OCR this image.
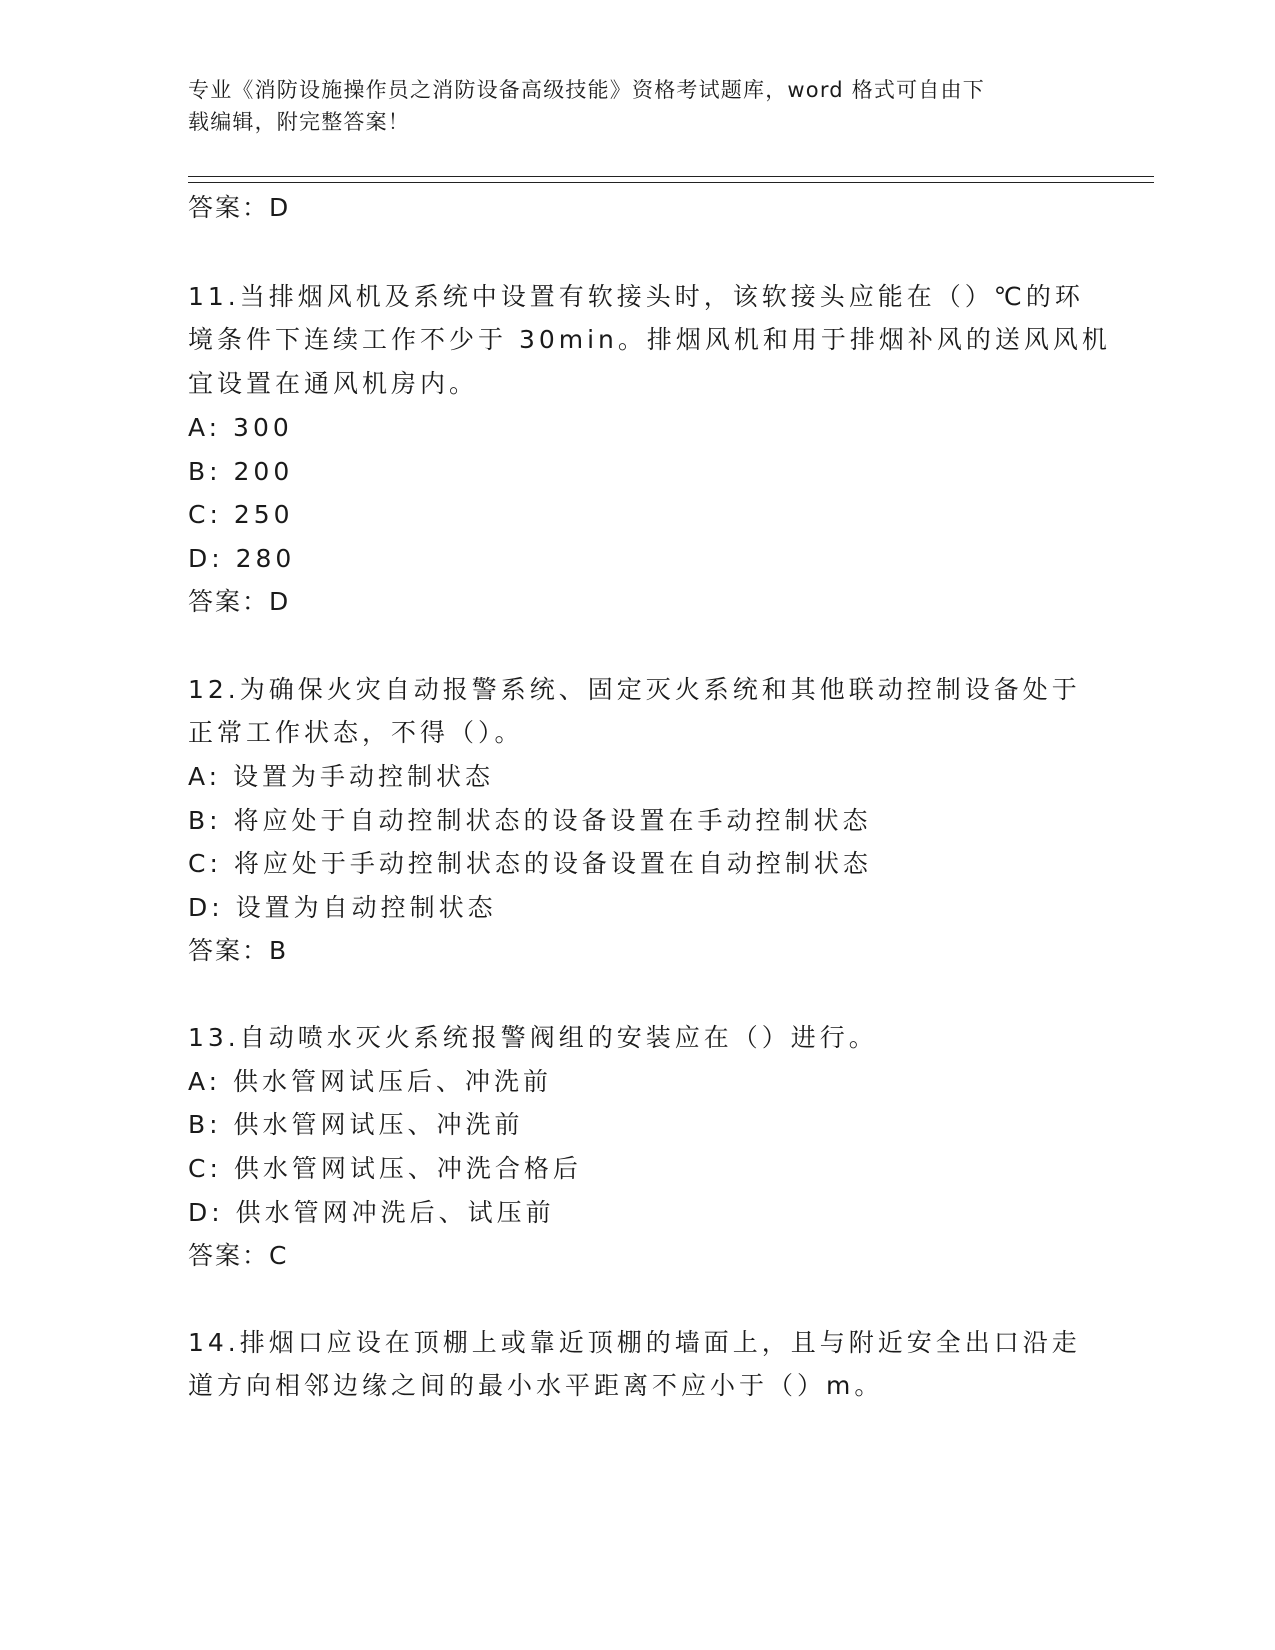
专业《消防设施操作员之消防设备高级技能》资格考试题库，word 格式可自由下
载编辑，附完整答案！
答案：D
11.当排烟风机及系统中设置有软接头时，该软接头应能在（）℃的环
境条件下连续工作不少于 30min。排烟风机和用于排烟补风的送风风机
宜设置在通风机房内。
A: 300
B: 200
C: 250
D: 280
答案：D
12.为确保火灾自动报警系统、固定灭火系统和其他联动控制设备处于
正常工作状态，不得（）。
A: 设置为手动控制状态
B: 将应处于自动控制状态的设备设置在手动控制状态
C: 将应处于手动控制状态的设备设置在自动控制状态
D: 设置为自动控制状态
答案：B
13.自动喷水灭火系统报警阀组的安装应在（）进行。
A: 供水管网试压后、冲洗前
B: 供水管网试压、冲洗前
C: 供水管网试压、冲洗合格后
D: 供水管网冲洗后、试压前
答案：C
14.排烟口应设在顶棚上或靠近顶棚的墙面上，且与附近安全出口沿走
道方向相邻边缘之间的最小水平距离不应小于（）m。
